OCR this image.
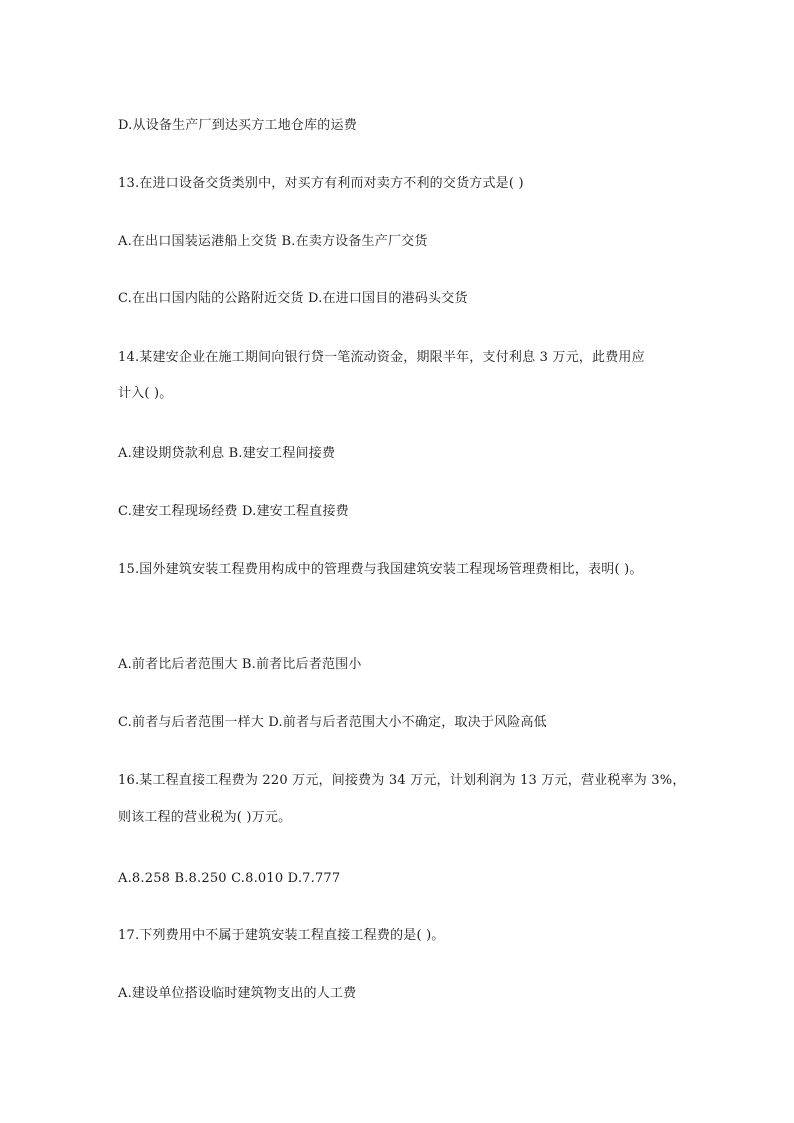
D.从设备生产厂到达买方工地仓库的运费
13.在进口设备交货类别中，对买方有利而对卖方不利的交货方式是( )
A.在出口国装运港船上交货 B.在卖方设备生产厂交货
C.在出口国内陆的公路附近交货 D.在进口国目的港码头交货
14.某建安企业在施工期间向银行贷一笔流动资金，期限半年，支付利息 3 万元，此费用应
计入( )。
A.建设期贷款利息 B.建安工程间接费
C.建安工程现场经费 D.建安工程直接费
15.国外建筑安装工程费用构成中的管理费与我国建筑安装工程现场管理费相比，表明( )。
A.前者比后者范围大 B.前者比后者范围小
C.前者与后者范围一样大 D.前者与后者范围大小不确定，取决于风险高低
16.某工程直接工程费为 220 万元，间接费为 34 万元，计划利润为 13 万元，营业税率为 3%，
则该工程的营业税为( )万元。
A.8.258 B.8.250 C.8.010 D.7.777
17.下列费用中不属于建筑安装工程直接工程费的是( )。
A.建设单位搭设临时建筑物支出的人工费
